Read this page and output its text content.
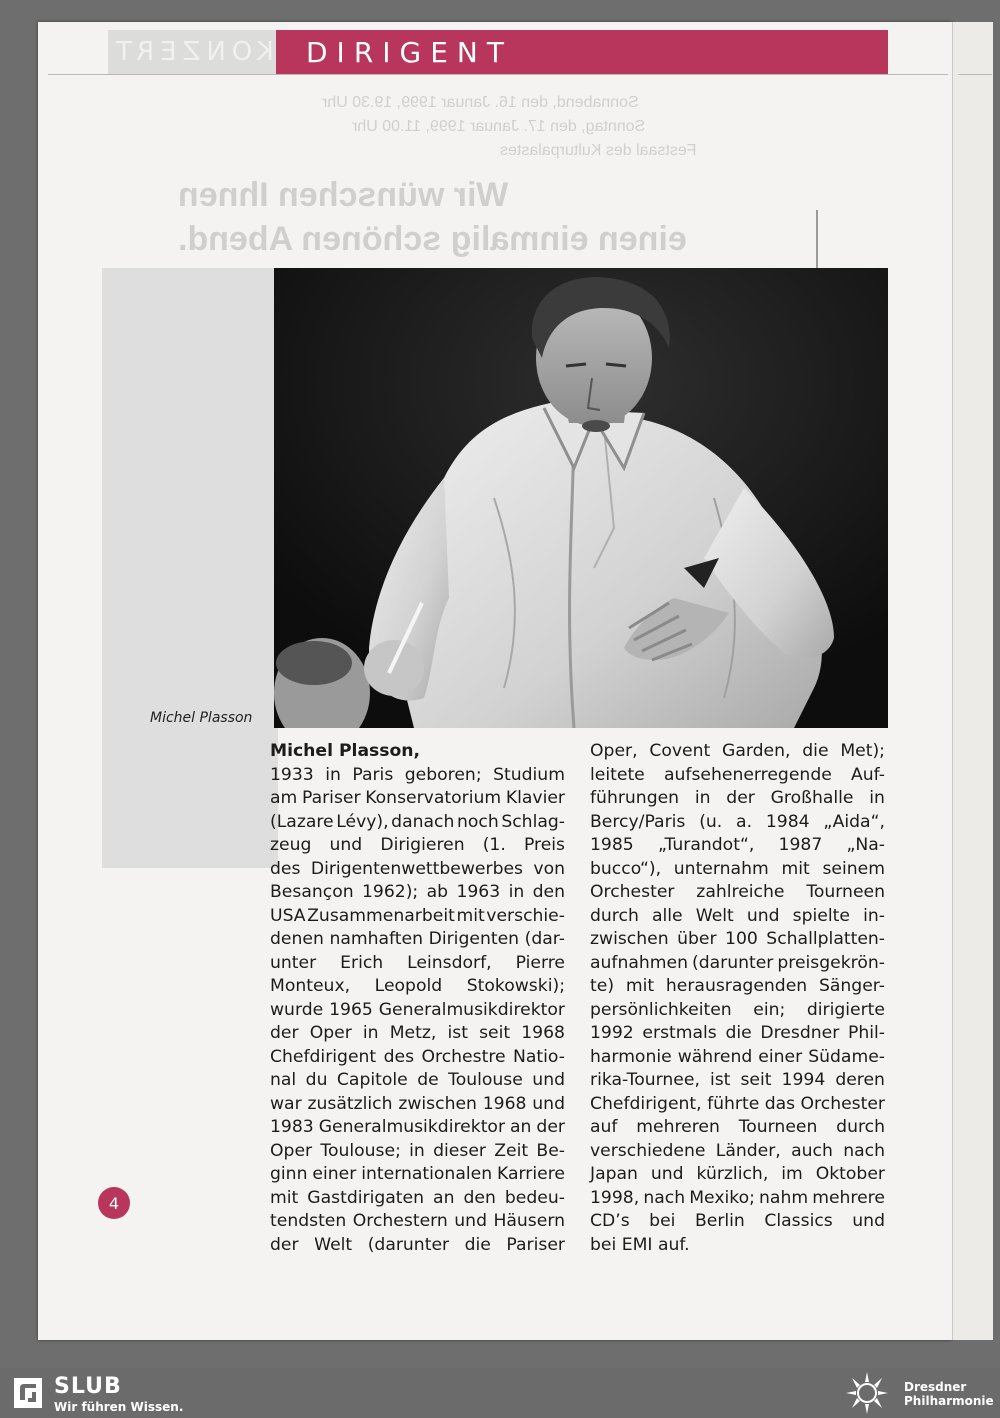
KONZERT
Sonnabend, den 16. Januar 1999, 19.30 Uhr
Sonntag, den 17. Januar 1999, 11.00 Uhr
Festsaal des Kulturpalastes
Wir wünschen Ihnen
einen einmalig schönen Abend.
DIRIGENT
Michel Plasson
Michel Plasson,
1933 in Paris geboren; Studium
am Pariser Konservatorium Klavier
(Lazare Lévy), danach noch Schlag-
zeug und Dirigieren (1. Preis
des Dirigentenwettbewerbes von
Besançon 1962); ab 1963 in den
USA Zusammenarbeit mit verschie-
denen namhaften Dirigenten (dar-
unter Erich Leinsdorf, Pierre
Monteux, Leopold Stokowski);
wurde 1965 Generalmusikdirektor
der Oper in Metz, ist seit 1968
Chefdirigent des Orchestre Natio-
nal du Capitole de Toulouse und
war zusätzlich zwischen 1968 und
1983 Generalmusikdirektor an der
Oper Toulouse; in dieser Zeit Be-
ginn einer internationalen Karriere
mit Gastdirigaten an den bedeu-
tendsten Orchestern und Häusern
der Welt (darunter die Pariser
Oper, Covent Garden, die Met);
leitete aufsehenerregende Auf-
führungen in der Großhalle in
Bercy/Paris (u. a. 1984 „Aida“,
1985 „Turandot“, 1987 „Na-
bucco“), unternahm mit seinem
Orchester zahlreiche Tourneen
durch alle Welt und spielte in-
zwischen über 100 Schallplatten-
aufnahmen (darunter preisgekrön-
te) mit herausragenden Sänger-
persönlichkeiten ein; dirigierte
1992 erstmals die Dresdner Phil-
harmonie während einer Südame-
rika-Tournee, ist seit 1994 deren
Chefdirigent, führte das Orchester
auf mehreren Tourneen durch
verschiedene Länder, auch nach
Japan und kürzlich, im Oktober
1998, nach Mexiko; nahm mehrere
CD’s bei Berlin Classics und
bei EMI auf.
4
SLUB
Wir führen Wissen.
Dresdner
Philharmonie
